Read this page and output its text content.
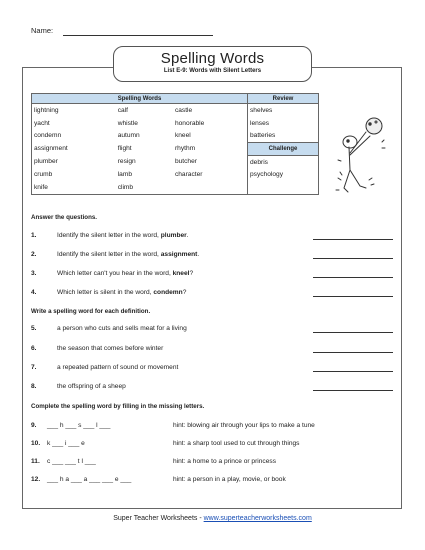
Name:
Spelling Words
List E-9: Words with Silent Letters
Spelling Words			Review
lightning	calf	castle	shelves
yacht	whistle	honorable	lenses
condemn	autumn	kneel	batteries
assignment	flight	rhythm	Challenge
plumber	resign	butcher	debris
crumb	lamb	character	psychology
knife	climb		
Answer the questions.
1.	Identify the silent letter in the word, plumber.
2.	Identify the silent letter in the word, assignment.
3.	Which letter can't you hear in the word, kneel?
4.	Which letter is silent in the word, condemn?
Write a spelling word for each definition.
5.	a person who cuts and sells meat for a living
6.	the season that comes before winter
7.	a repeated pattern of sound or movement
8.	the offspring of a sheep
Complete the spelling word by filling in the missing letters.
9. ___ h ___ s ___ l ___	hint: blowing air through your lips to make a tune
10. k ___ i ___ e	hint: a sharp tool used to cut through things
11. c ___ ___ t l ___	hint: a home to a prince or princess
12. ___ h a ___ a ___ ___ e ___	hint: a person in a play, movie, or book
Super Teacher Worksheets - www.superteacherworksheets.com
